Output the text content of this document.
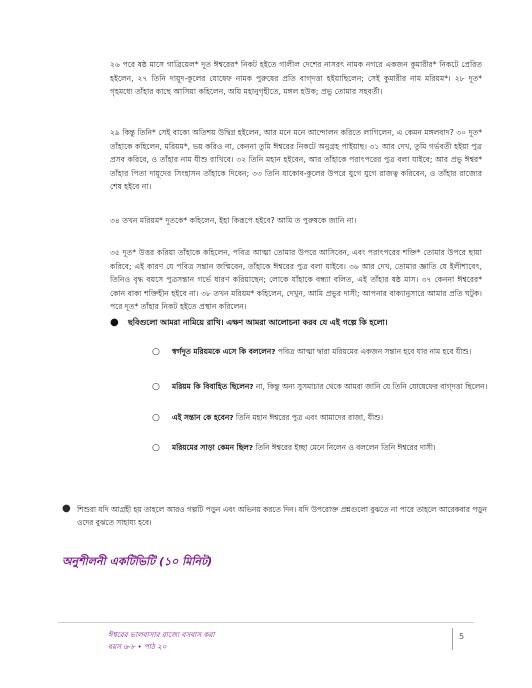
২৬ পরে ষষ্ঠ মাসে গাব্রিয়েল* দূত ঈশ্বরের* নিকট হইতে গালীল দেশের নাসরৎ নামক নগরে একজন কুমারীর* নিকটে প্রেরিত হইলেন, ২৭ তিনি দায়ূদ-কুলের যোষেফ নামক পুরুষের প্রতি বাগ্‌দত্তা হইয়াছিলেন; সেই কুমারীর নাম মরিয়ম*। ২৮ দূত* গৃহমধ্যে তাঁহার কাছে আসিয়া কহিলেন, অয়ি মহানুগৃহীতে, মঙ্গল হউক; প্রভু তোমার সহবর্তী।

২৯ কিন্তু তিনি* সেই বাক্যে অতিশয় উদ্বিগ্ন হইলেন, আর মনে মনে আন্দোলন করিতে লাগিলেন, এ কেমন মঙ্গলবাদ? ৩০ দূত* তাঁহাকে কহিলেন, মরিয়ম*, ভয় করিও না, কেননা তুমি ঈশ্বরের নিকটে অনুগ্রহ পাইয়াছ। ৩১ আর দেখ, তুমি গর্ভবতী হইয়া পুত্র প্রসব করিবে, ও তাঁহার নাম যীশু রাখিবে। ৩২ তিনি মহান হইবেন, আর তাঁহাকে পরাৎপরের পুত্র বলা যাইবে; আর প্রভু ঈশ্বর* তাঁহার পিতা দায়ূদের সিংহাসন তাঁহাকে দিবেন; ৩৩ তিনি যাকোব-কুলের উপরে যুগে যুগে রাজত্ব করিবেন, ও তাঁহার রাজ্যের শেষ হইবে না।

৩৪ তখন মরিয়ম* দূতকে* কহিলেন, ইহা কিরূপে হইবে? আমি ত পুরুষকে জানি না।

৩৫ দূত* উত্তর করিয়া তাঁহাকে কহিলেন, পবিত্র আত্মা তোমার উপরে আসিবেন, এবং পরাৎপরের শক্তি* তোমার উপরে ছায়া করিবে; এই কারণ যে পবিত্র সন্তান জন্মিবেন, তাঁহাকে ঈশ্বরের পুত্র বলা যাইবে। ৩৬ আর দেখ, তোমার জ্ঞাতি যে ইলীশাবেৎ, তিনিও বৃদ্ধ বয়সে পুত্রসন্তান গর্ভে ধারণ করিয়াছেন; লোকে যাঁহাকে বন্ধ্যা বলিত, এই তাঁহার ষষ্ঠ মাস। ৩৭ কেননা ঈশ্বরের* কোন বাক্য শক্তিহীন হইবে না। ৩৮ তখন মরিয়ম* কহিলেন, দেখুন, আমি প্রভুর দাসী; আপনার বাক্যানুসারে আমার প্রতি ঘটুক। পরে দূত* তাঁহার নিকট হইতে প্রস্থান করিলেন।

● ছবিগুলো আমরা নামিয়ে রাখি। এক্ষণ আমরা আলোচনা করব যে এই গল্পে কি হলো।
○ স্বর্গদূত মরিয়মকে এসে কি বললেন? পবিত্র আত্মা দ্বারা মরিয়মের একজন সন্তান হবে যার নাম হবে যীশু।
○ মরিয়ম কি বিবাহিত ছিলেন? না, কিন্তু অন্য সুসমাচার থেকে আমরা জানি যে তিনি যোষেফের বাগ্‌দত্তা ছিলেন।
○ এই সন্তান কে হবেন? তিনি মহান ঈশ্বরের পুত্র এবং আমাদের রাজা, যীশু।
○ মরিয়মের সাড়া কেমন ছিল? তিনি ঈশ্বরের ইচ্ছা মেনে নিলেন ও বললেন তিনি ঈশ্বরের দাসী।
● শিশুরা যদি আগ্রহী হয় তাহলে আরও গল্পটি পড়ুন এবং অভিনয় করতে দিন। যদি উপরোক্ত প্রশ্নগুলো বুঝতে না পারে তাহলে আরেকবার পড়ুন ওদের বুঝতে সাহায্য হবে।
অনুশীলনী একটিভিটি (১০ মিনিট)
ঈশ্বরের ভালবাসার রাজ্যে বসবাস করা
বয়স ৬-৮ • পাঠ ২০
5
